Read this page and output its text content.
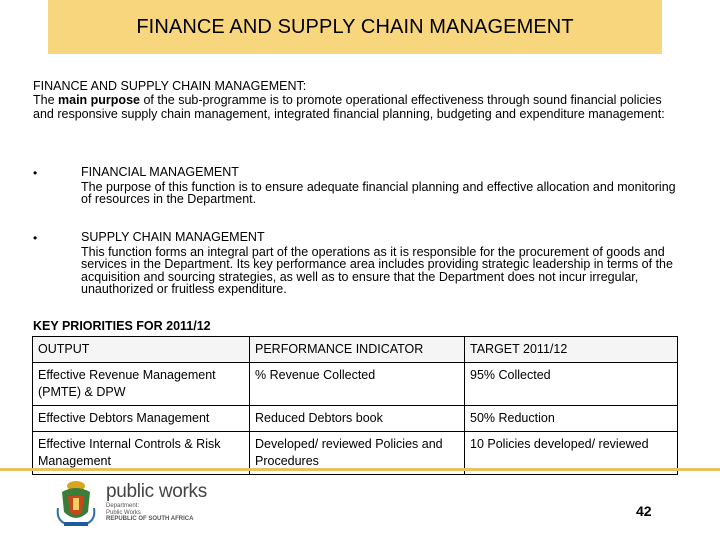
FINANCE AND SUPPLY CHAIN MANAGEMENT
FINANCE AND SUPPLY CHAIN MANAGEMENT:
The main purpose of the sub-programme is to promote operational effectiveness through sound financial policies and responsive supply chain management, integrated financial planning, budgeting and expenditure management:
•	FINANCIAL MANAGEMENT
The purpose of this function is to ensure adequate financial planning and effective allocation and monitoring of resources in the Department.
•	SUPPLY CHAIN MANAGEMENT
This function forms an integral part of the operations as it is responsible for the procurement of goods and services in the Department. Its key performance area includes providing strategic leadership in terms of the acquisition and sourcing strategies, as well as to ensure that the Department does not incur irregular, unauthorized or fruitless expenditure.
KEY PRIORITIES FOR 2011/12
OUTPUT	PERFORMANCE INDICATOR	TARGET 2011/12
Effective Revenue Management (PMTE) & DPW	% Revenue Collected	95% Collected
Effective Debtors Management	Reduced Debtors book	50% Reduction
Effective Internal Controls & Risk Management	Developed/ reviewed Policies and Procedures	10 Policies developed/ reviewed
public works
Department:
Public Works
REPUBLIC OF SOUTH AFRICA	42
